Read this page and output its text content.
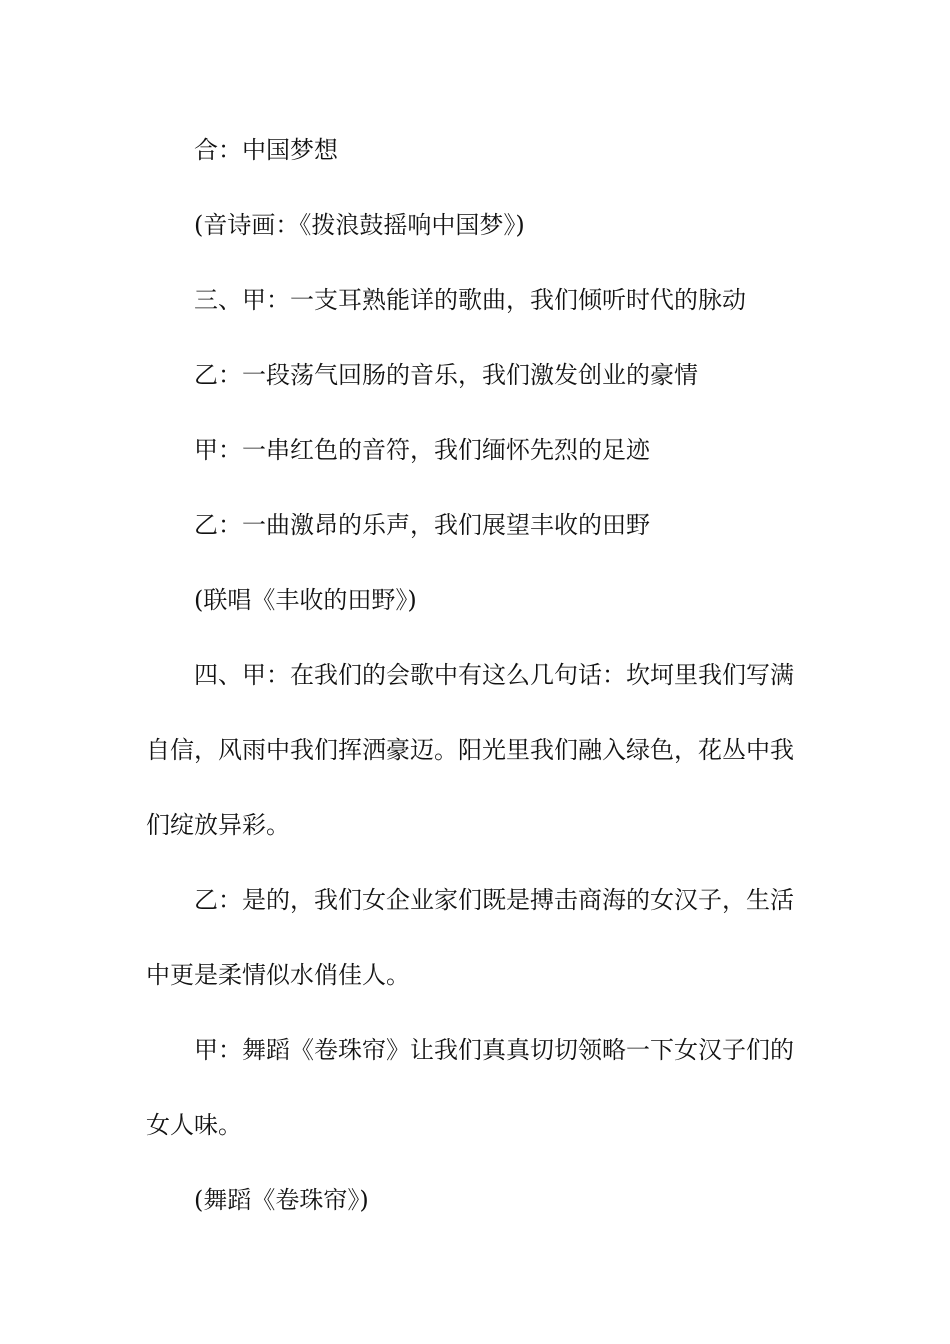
合：中国梦想

(音诗画：《拨浪鼓摇响中国梦》)

三、甲：一支耳熟能详的歌曲，我们倾听时代的脉动

乙：一段荡气回肠的音乐，我们激发创业的豪情

甲：一串红色的音符，我们缅怀先烈的足迹

乙：一曲激昂的乐声，我们展望丰收的田野

(联唱《丰收的田野》)

四、甲：在我们的会歌中有这么几句话：坎坷里我们写满自信，风雨中我们挥洒豪迈。阳光里我们融入绿色，花丛中我们绽放异彩。

乙：是的，我们女企业家们既是搏击商海的女汉子，生活中更是柔情似水俏佳人。

甲：舞蹈《卷珠帘》让我们真真切切领略一下女汉子们的女人味。

(舞蹈《卷珠帘》)
